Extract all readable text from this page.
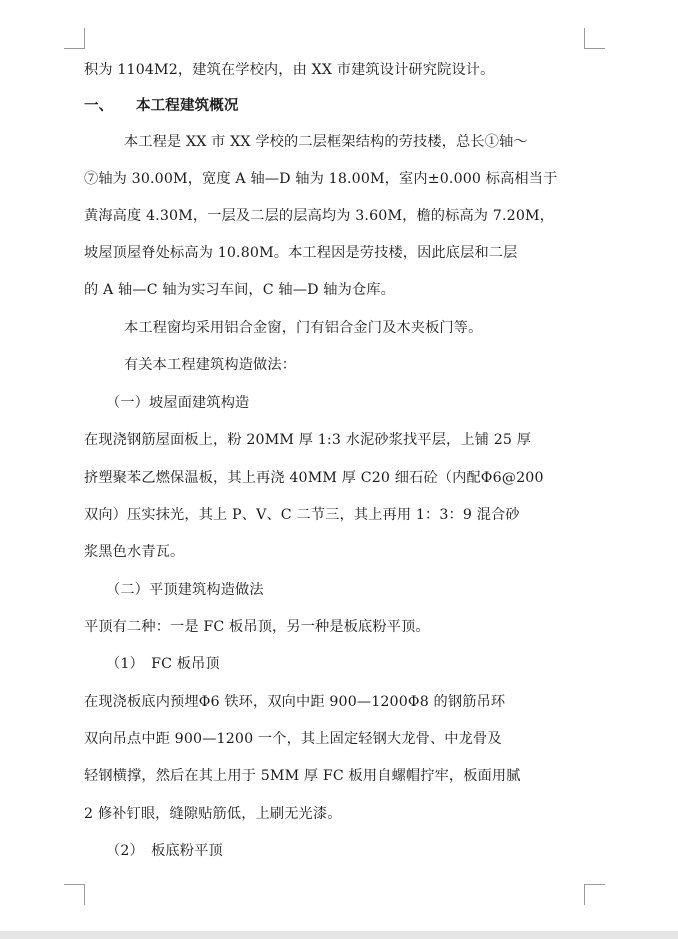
积为 1104M2，建筑在学校内，由 XX 市建筑设计研究院设计。
一、 本工程建筑概况
本工程是 XX 市 XX 学校的二层框架结构的劳技楼，总长①轴～
⑦轴为 30.00M，宽度 A 轴—D 轴为 18.00M，室内±0.000 标高相当于
黄海高度 4.30M，一层及二层的层高均为 3.60M，檐的标高为 7.20M，
坡屋顶屋脊处标高为 10.80M。本工程因是劳技楼，因此底层和二层
的 A 轴—C 轴为实习车间，C 轴—D 轴为仓库。
本工程窗均采用铝合金窗，门有铝合金门及木夹板门等。
有关本工程建筑构造做法：
（一）坡屋面建筑构造
在现浇钢筋屋面板上，粉 20MM 厚 1:3 水泥砂浆找平层，上铺 25 厚
挤塑聚苯乙燃保温板，其上再浇 40MM 厚 C20 细石砼（内配Φ6@200
双向）压实抹光，其上 P、V、C 二节三，其上再用 1：3：9 混合砂
浆黑色水青瓦。
（二）平顶建筑构造做法
平顶有二种：一是 FC 板吊顶，另一种是板底粉平顶。
（1）　FC 板吊顶
在现浇板底内预埋Φ6 铁环，双向中距 900—1200Φ8 的钢筋吊环
双向吊点中距 900—1200 一个，其上固定轻钢大龙骨、中龙骨及
轻钢横撑，然后在其上用于 5MM 厚 FC 板用自螺帽拧牢，板面用腻
2 修补钉眼，缝隙贴筋低，上刷无光漆。
（2）　板底粉平顶
